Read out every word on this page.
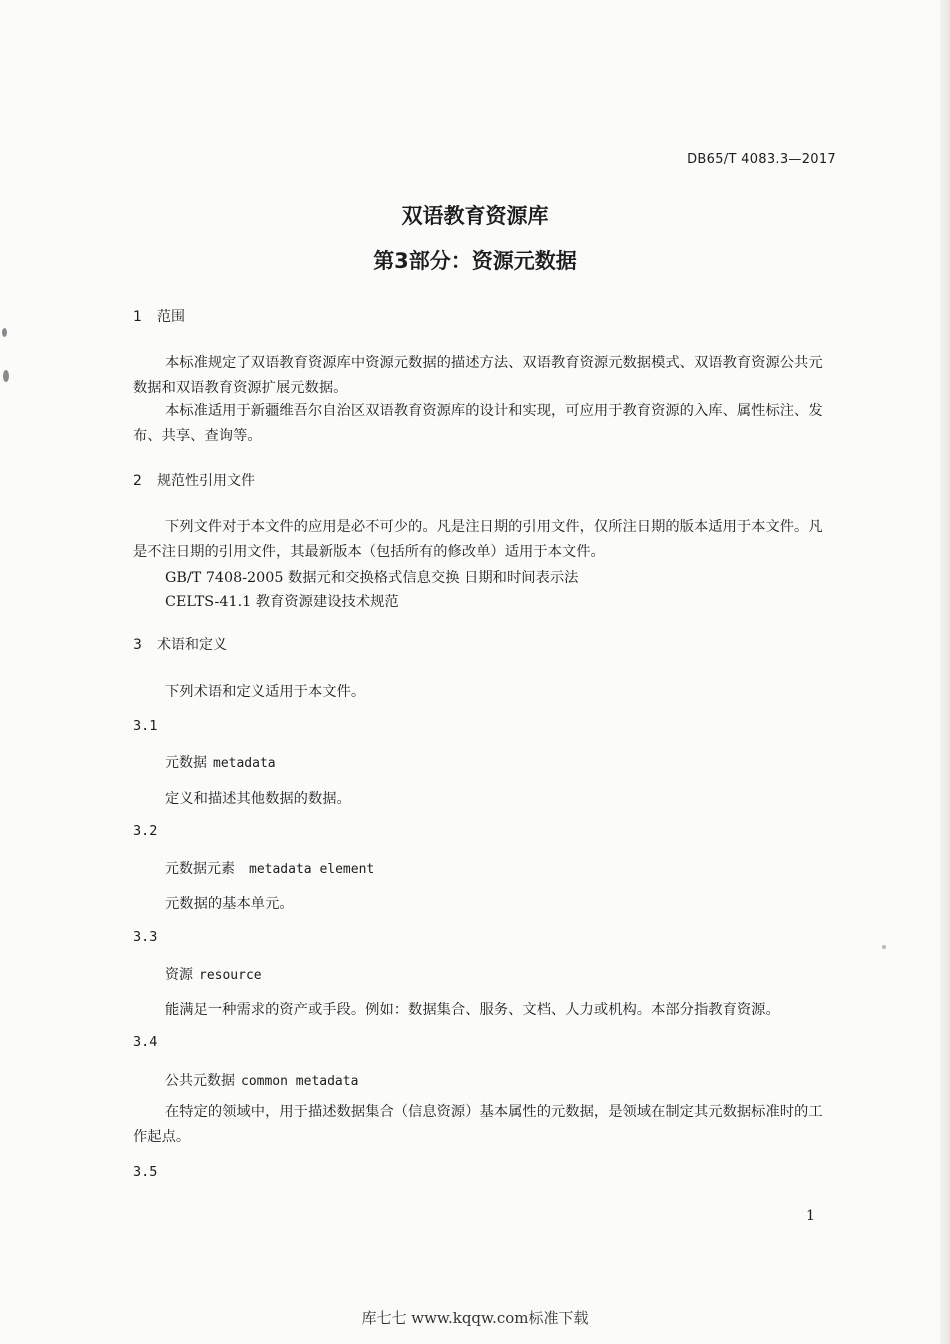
DB65/T 4083.3—2017
双语教育资源库
第3部分：资源元数据
1 范围
本标准规定了双语教育资源库中资源元数据的描述方法、双语教育资源元数据模式、双语教育资源公共元数据和双语教育资源扩展元数据。
本标准适用于新疆维吾尔自治区双语教育资源库的设计和实现，可应用于教育资源的入库、属性标注、发布、共享、查询等。
2 规范性引用文件
下列文件对于本文件的应用是必不可少的。凡是注日期的引用文件，仅所注日期的版本适用于本文件。凡是不注日期的引用文件，其最新版本（包括所有的修改单）适用于本文件。
GB/T 7408-2005 数据元和交换格式信息交换 日期和时间表示法
CELTS-41.1 教育资源建设技术规范
3 术语和定义
下列术语和定义适用于本文件。
3.1
元数据 metadata
定义和描述其他数据的数据。
3.2
元数据元素 metadata element
元数据的基本单元。
3.3
资源 resource
能满足一种需求的资产或手段。例如：数据集合、服务、文档、人力或机构。本部分指教育资源。
3.4
公共元数据 common metadata
在特定的领域中，用于描述数据集合（信息资源）基本属性的元数据，是领域在制定其元数据标准时的工作起点。
3.5
1
库七七 www.kqqw.com标准下载
